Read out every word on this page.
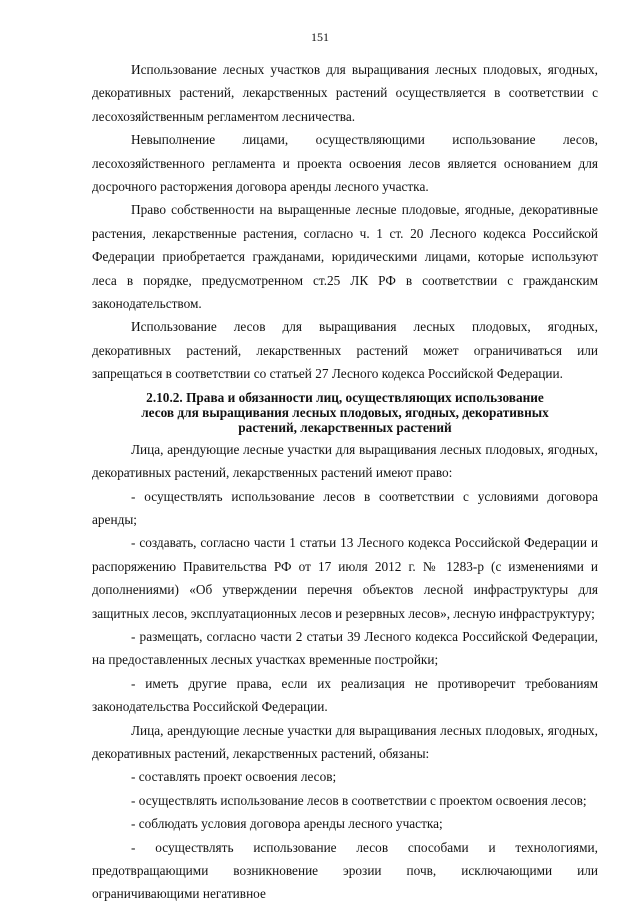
151

Использование лесных участков для выращивания лесных плодовых, ягодных, декоративных растений, лекарственных растений осуществляется в соответствии с лесохозяйственным регламентом лесничества.

Невыполнение лицами, осуществляющими использование лесов, лесохозяйственного регламента и проекта освоения лесов является основанием для досрочного расторжения договора аренды лесного участка.

Право собственности на выращенные лесные плодовые, ягодные, декоративные растения, лекарственные растения, согласно ч. 1 ст. 20 Лесного кодекса Российской Федерации приобретается гражданами, юридическими лицами, которые используют леса в порядке, предусмотренном ст.25 ЛК РФ в соответствии с гражданским законодательством.

Использование лесов для выращивания лесных плодовых, ягодных, декоративных растений, лекарственных растений может ограничиваться или запрещаться в соответствии со статьей 27 Лесного кодекса Российской Федерации.

2.10.2. Права и обязанности лиц, осуществляющих использование
лесов для выращивания лесных плодовых, ягодных, декоративных
растений, лекарственных растений

Лица, арендующие лесные участки для выращивания лесных плодовых, ягодных, декоративных растений, лекарственных растений имеют право:

- осуществлять использование лесов в соответствии с условиями договора аренды;

- создавать, согласно части 1 статьи 13 Лесного кодекса Российской Федерации и распоряжению Правительства РФ от 17 июля 2012 г. № 1283-р (с изменениями и дополнениями) «Об утверждении перечня объектов лесной инфраструктуры для защитных лесов, эксплуатационных лесов и резервных лесов», лесную инфраструктуру;

- размещать, согласно части 2 статьи 39 Лесного кодекса Российской Федерации, на предоставленных лесных участках временные постройки;

- иметь другие права, если их реализация не противоречит требованиям законодательства Российской Федерации.

Лица, арендующие лесные участки для выращивания лесных плодовых, ягодных, декоративных растений, лекарственных растений, обязаны:

- составлять проект освоения лесов;

- осуществлять использование лесов в соответствии с проектом освоения лесов;

- соблюдать условия договора аренды лесного участка;

- осуществлять использование лесов способами и технологиями, предотвращающими возникновение эрозии почв, исключающими или ограничивающими негативное
